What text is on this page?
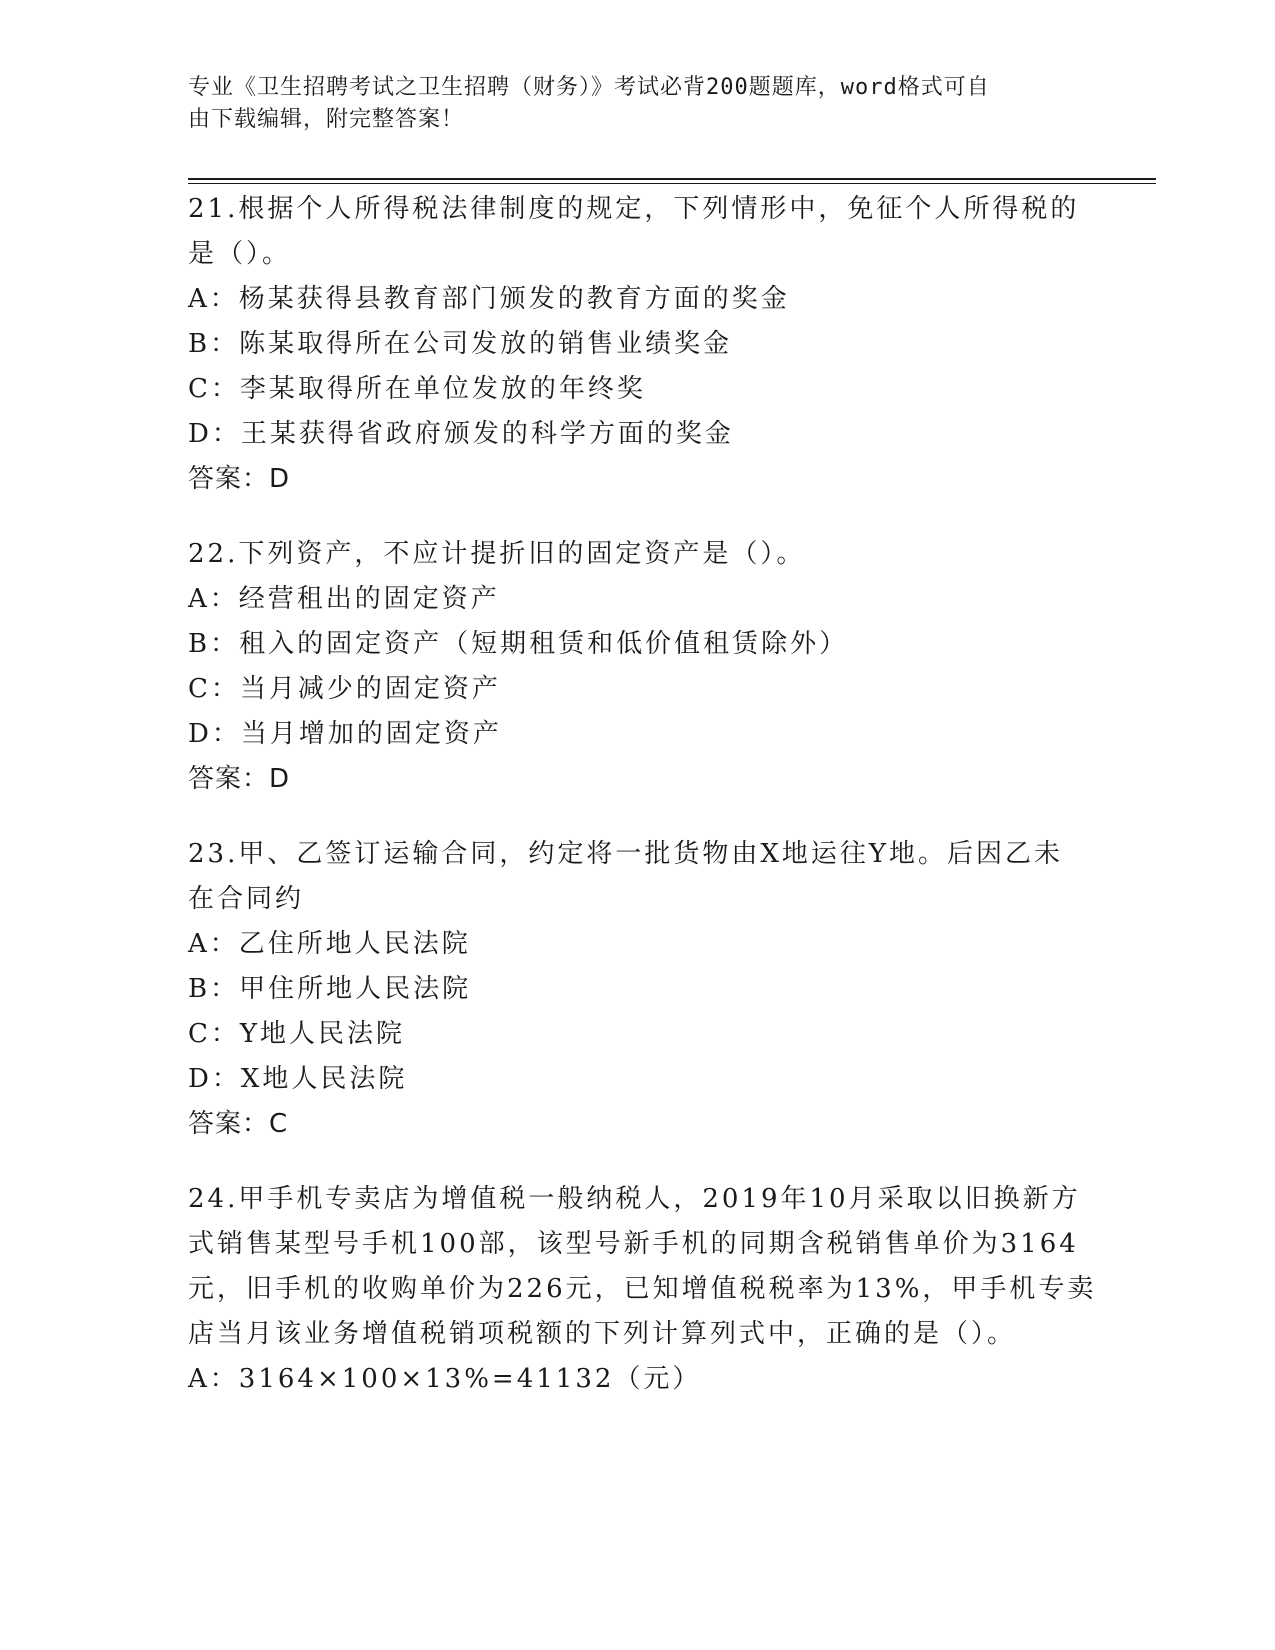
专业《卫生招聘考试之卫生招聘（财务）》考试必背200题题库，word格式可自
由下载编辑，附完整答案！
21.根据个人所得税法律制度的规定，下列情形中，免征个人所得税的
是（）。
A：杨某获得县教育部门颁发的教育方面的奖金
B：陈某取得所在公司发放的销售业绩奖金
C：李某取得所在单位发放的年终奖
D：王某获得省政府颁发的科学方面的奖金
答案：D
22.下列资产，不应计提折旧的固定资产是（）。
A：经营租出的固定资产
B：租入的固定资产（短期租赁和低价值租赁除外）
C：当月减少的固定资产
D：当月增加的固定资产
答案：D
23.甲、乙签订运输合同，约定将一批货物由X地运往Y地。后因乙未
在合同约
A：乙住所地人民法院
B：甲住所地人民法院
C：Y地人民法院
D：X地人民法院
答案：C
24.甲手机专卖店为增值税一般纳税人，2019年10月采取以旧换新方
式销售某型号手机100部，该型号新手机的同期含税销售单价为3164
元，旧手机的收购单价为226元，已知增值税税率为13%，甲手机专卖
店当月该业务增值税销项税额的下列计算列式中，正确的是（）。
A：3164×100×13%=41132（元）
